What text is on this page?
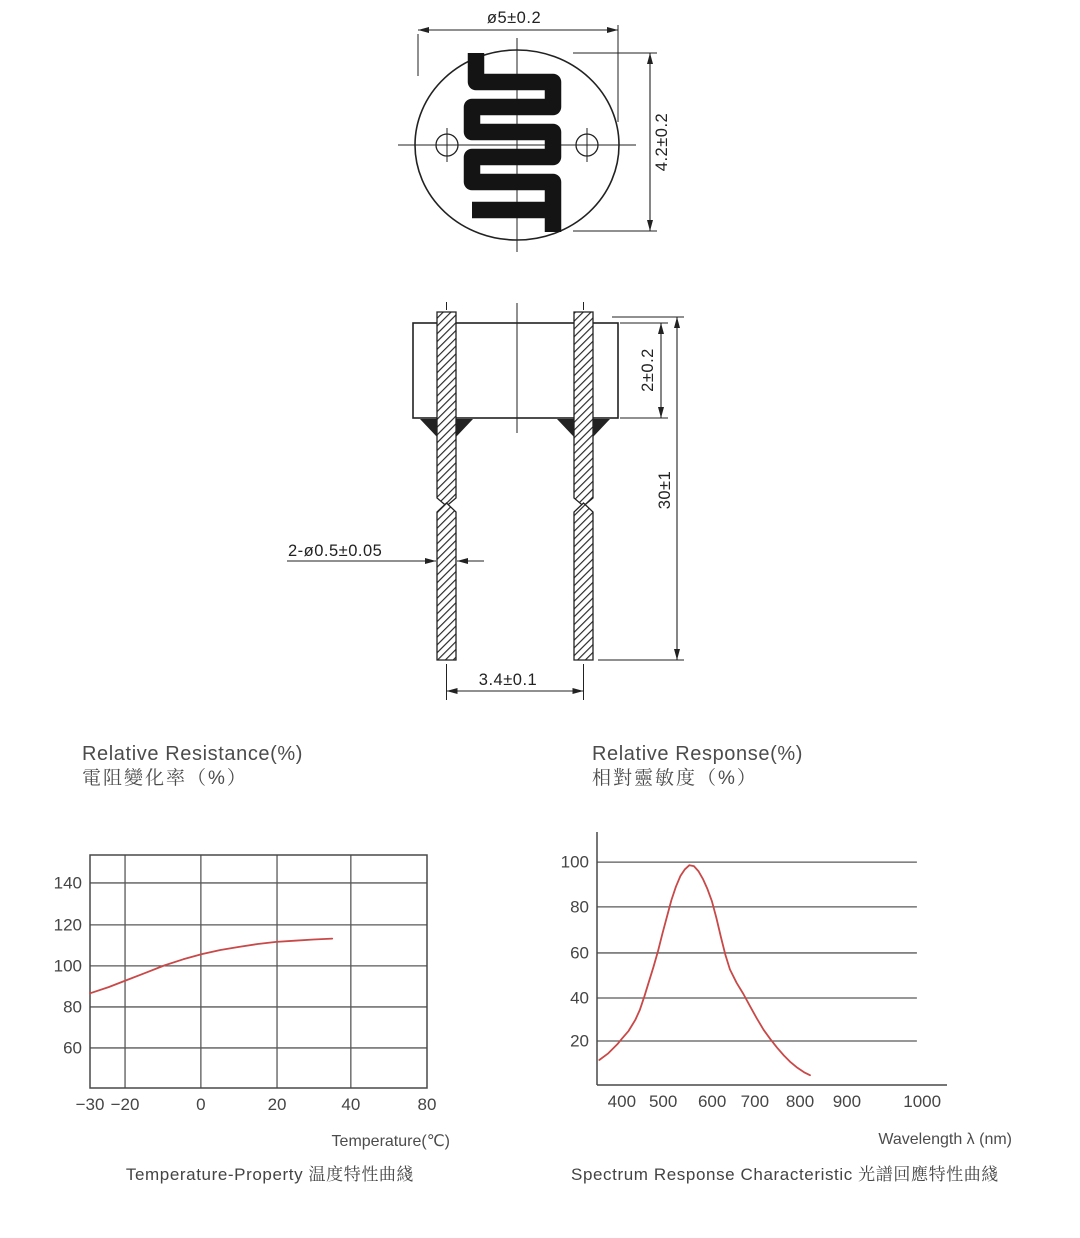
ø5±0.2
4.2±0.2
2±0.2
30±1
2-ø0.5±0.05
3.4±0.1
140
120
100
80
60
−30 −20	0	20	40	80
100
80
60
40
20
400 500 600 700 800 900 1000
Relative Resistance(%)
電阻變化率（%）
Relative Response(%)
相對靈敏度（%）
Temperature(℃)	Wavelength λ (nm)
Temperature-Property 温度特性曲綫	Spectrum Response Characteristic 光譜回應特性曲綫
